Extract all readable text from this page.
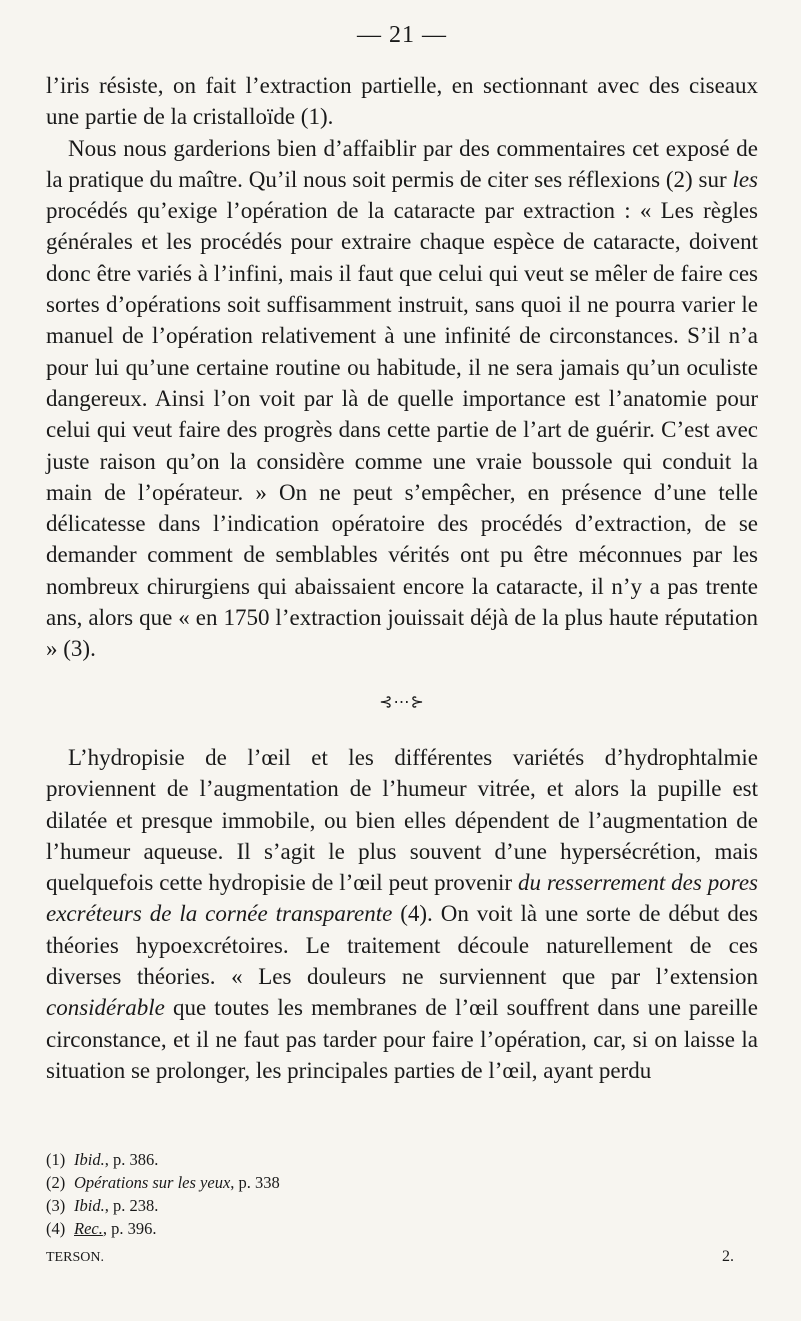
— 21 —

l’iris résiste, on fait l’extraction partielle, en sectionnant avec des ciseaux une partie de la cristalloïde (1).

Nous nous garderions bien d’affaiblir par des commentaires cet exposé de la pratique du maître. Qu’il nous soit permis de citer ses réflexions (2) sur les procédés qu’exige l’opération de la cataracte par extraction : « Les règles générales et les procédés pour extraire chaque espèce de cataracte, doivent donc être variés à l’infini, mais il faut que celui qui veut se mêler de faire ces sortes d’opérations soit suffisamment instruit, sans quoi il ne pourra varier le manuel de l’opération relativement à une infinité de circonstances. S’il n’a pour lui qu’une certaine routine ou habitude, il ne sera jamais qu’un oculiste dangereux. Ainsi l’on voit par là de quelle importance est l’anatomie pour celui qui veut faire des progrès dans cette partie de l’art de guérir. C’est avec juste raison qu’on la considère comme une vraie boussole qui conduit la main de l’opérateur. » On ne peut s’empêcher, en présence d’une telle délicatesse dans l’indication opératoire des procédés d’extraction, de se demander comment de semblables vérités ont pu être méconnues par les nombreux chirurgiens qui abaissaient encore la cataracte, il n’y a pas trente ans, alors que « en 1750 l’extraction jouissait déjà de la plus haute réputation » (3).

⊰⋯⊱

L’hydropisie de l’œil et les différentes variétés d’hydrophtalmie proviennent de l’augmentation de l’humeur vitrée, et alors la pupille est dilatée et presque immobile, ou bien elles dépendent de l’augmentation de l’humeur aqueuse. Il s’agit le plus souvent d’une hypersécrétion, mais quelquefois cette hydropisie de l’œil peut provenir du resserrement des pores excréteurs de la cornée transparente (4). On voit là une sorte de début des théories hypoexcrétoires. Le traitement découle naturellement de ces diverses théories. « Les douleurs ne surviennent que par l’extension considérable que toutes les membranes de l’œil souffrent dans une pareille circonstance, et il ne faut pas tarder pour faire l’opération, car, si on laisse la situation se prolonger, les principales parties de l’œil, ayant perdu

(1) Ibid., p. 386.
(2) Opérations sur les yeux, p. 338
(3) Ibid., p. 238.
(4) Rec., p. 396.
TERSON.	2.
